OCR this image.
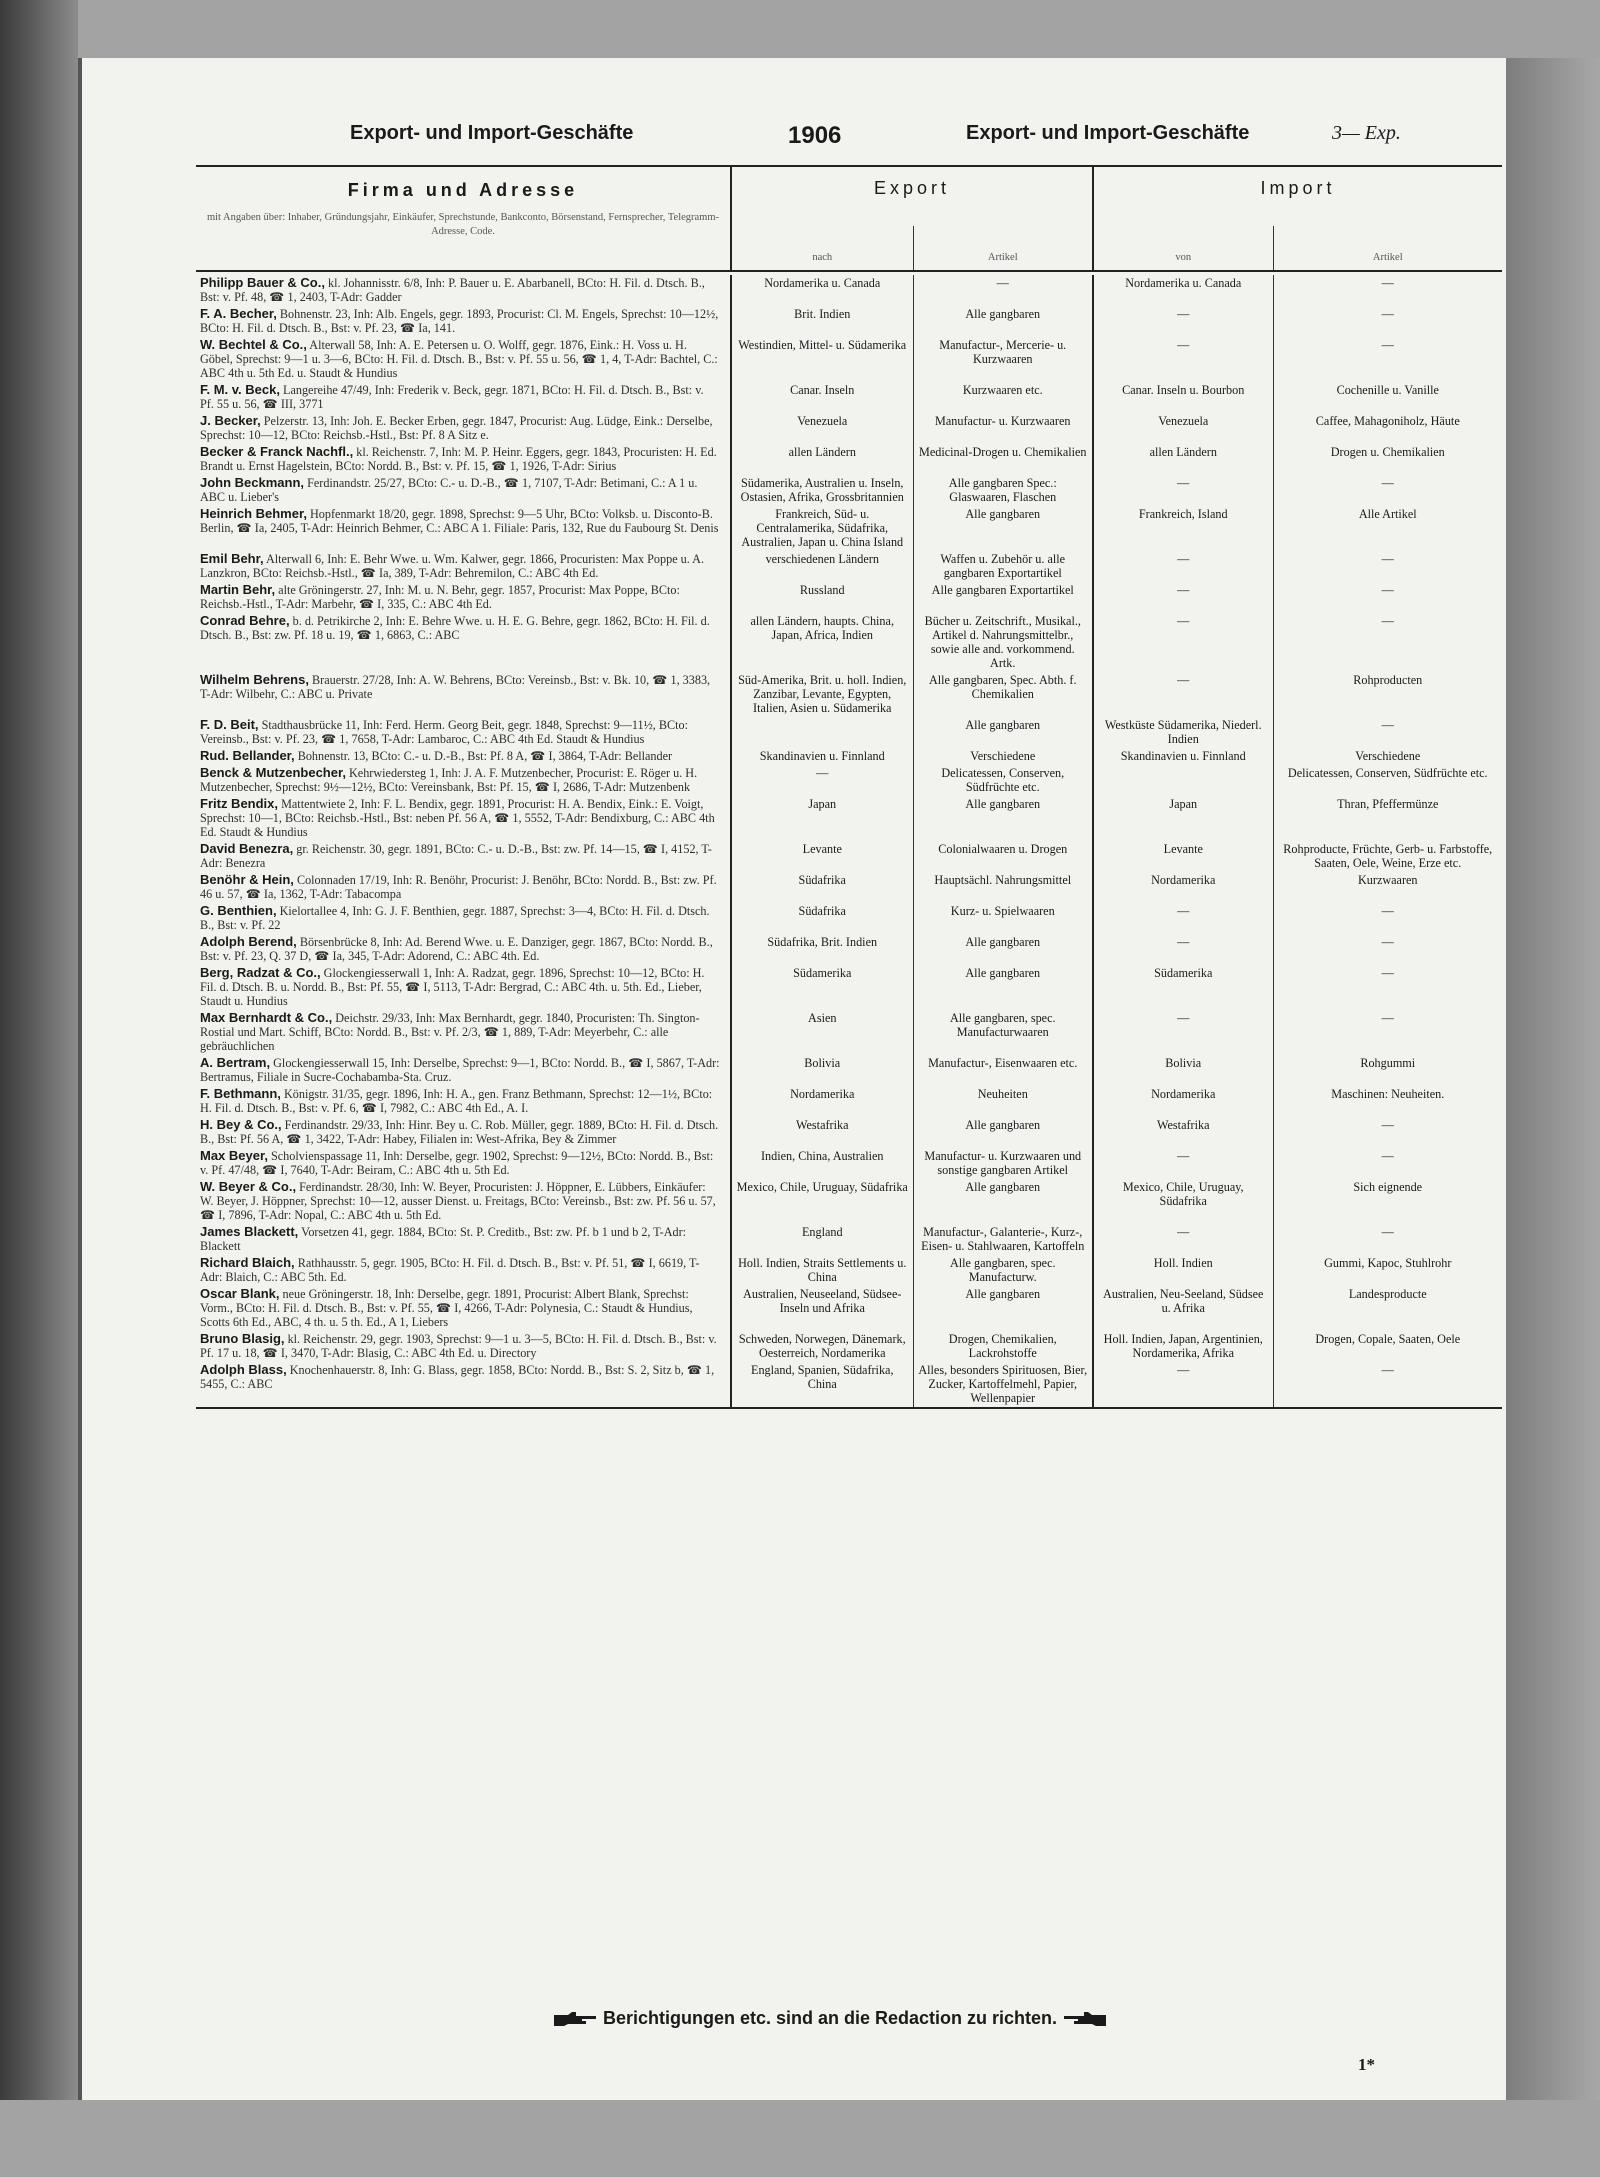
Export- und Import-Geschäfte	1906	Export- und Import-Geschäfte	3— Exp.
Firma und Adresse
mit Angaben über: Inhaber, Gründungsjahr, Einkäufer, Sprechstunde, Bankconto, Börsenstand, Fernsprecher, Telegramm-Adresse, Code.	Export		Import	
	nach	Artikel	von	Artikel

Philipp Bauer & Co., kl. Johannisstr. 6/8, Inh: P. Bauer u. E. Abarbanell, BCto: H. Fil. d. Dtsch. B., Bst: v. Pf. 48, ☎ 1, 2403, T-Adr: Gadder	Nordamerika u. Canada	—	Nordamerika u. Canada	—
F. A. Becher, Bohnenstr. 23, Inh: Alb. Engels, gegr. 1893, Procurist: Cl. M. Engels, Sprechst: 10—12½, BCto: H. Fil. d. Dtsch. B., Bst: v. Pf. 23, ☎ Ia, 141.	Brit. Indien	Alle gangbaren	—	—
W. Bechtel & Co., Alterwall 58, Inh: A. E. Petersen u. O. Wolff, gegr. 1876, Eink.: H. Voss u. H. Göbel, Sprechst: 9—1 u. 3—6, BCto: H. Fil. d. Dtsch. B., Bst: v. Pf. 55 u. 56, ☎ 1, 4, T-Adr: Bachtel, C.: ABC 4th u. 5th Ed. u. Staudt & Hundius	Westindien, Mittel- u. Südamerika	Manufactur-, Mercerie- u. Kurzwaaren	—	—
F. M. v. Beck, Langereihe 47/49, Inh: Frederik v. Beck, gegr. 1871, BCto: H. Fil. d. Dtsch. B., Bst: v. Pf. 55 u. 56, ☎ III, 3771	Canar. Inseln	Kurzwaaren etc.	Canar. Inseln u. Bourbon	Cochenille u. Vanille
J. Becker, Pelzerstr. 13, Inh: Joh. E. Becker Erben, gegr. 1847, Procurist: Aug. Lüdge, Eink.: Derselbe, Sprechst: 10—12, BCto: Reichsb.-Hstl., Bst: Pf. 8 A Sitz e.	Venezuela	Manufactur- u. Kurzwaaren	Venezuela	Caffee, Mahagoniholz, Häute
Becker & Franck Nachfl., kl. Reichenstr. 7, Inh: M. P. Heinr. Eggers, gegr. 1843, Procuristen: H. Ed. Brandt u. Ernst Hagelstein, BCto: Nordd. B., Bst: v. Pf. 15, ☎ 1, 1926, T-Adr: Sirius	allen Ländern	Medicinal-Drogen u. Chemikalien	allen Ländern	Drogen u. Chemikalien
John Beckmann, Ferdinandstr. 25/27, BCto: C.- u. D.-B., ☎ 1, 7107, T-Adr: Betimani, C.: A 1 u. ABC u. Lieber's	Südamerika, Australien u. Inseln, Ostasien, Afrika, Grossbritannien	Alle gangbaren Spec.: Glaswaaren, Flaschen	—	—
Heinrich Behmer, Hopfenmarkt 18/20, gegr. 1898, Sprechst: 9—5 Uhr, BCto: Volksb. u. Disconto-B. Berlin, ☎ Ia, 2405, T-Adr: Heinrich Behmer, C.: ABC A 1. Filiale: Paris, 132, Rue du Faubourg St. Denis	Frankreich, Süd- u. Centralamerika, Südafrika, Australien, Japan u. China Island	Alle gangbaren	Frankreich, Island	Alle Artikel
Emil Behr, Alterwall 6, Inh: E. Behr Wwe. u. Wm. Kalwer, gegr. 1866, Procuristen: Max Poppe u. A. Lanzkron, BCto: Reichsb.-Hstl., ☎ Ia, 389, T-Adr: Behremilon, C.: ABC 4th Ed.	verschiedenen Ländern	Waffen u. Zubehör u. alle gangbaren Exportartikel	—	—
Martin Behr, alte Gröningerstr. 27, Inh: M. u. N. Behr, gegr. 1857, Procurist: Max Poppe, BCto: Reichsb.-Hstl., T-Adr: Marbehr, ☎ I, 335, C.: ABC 4th Ed.	Russland	Alle gangbaren Exportartikel	—	—
Conrad Behre, b. d. Petrikirche 2, Inh: E. Behre Wwe. u. H. E. G. Behre, gegr. 1862, BCto: H. Fil. d. Dtsch. B., Bst: zw. Pf. 18 u. 19, ☎ 1, 6863, C.: ABC	allen Ländern, haupts. China, Japan, Africa, Indien	Bücher u. Zeitschrift., Musikal., Artikel d. Nahrungsmittelbr., sowie alle and. vorkommend. Artk.	—	—
Wilhelm Behrens, Brauerstr. 27/28, Inh: A. W. Behrens, BCto: Vereinsb., Bst: v. Bk. 10, ☎ 1, 3383, T-Adr: Wilbehr, C.: ABC u. Private	Süd-Amerika, Brit. u. holl. Indien, Zanzibar, Levante, Egypten, Italien, Asien u. Südamerika	Alle gangbaren, Spec. Abth. f. Chemikalien	—	Rohproducten
F. D. Beit, Stadthausbrücke 11, Inh: Ferd. Herm. Georg Beit, gegr. 1848, Sprechst: 9—11½, BCto: Vereinsb., Bst: v. Pf. 23, ☎ 1, 7658, T-Adr: Lambaroc, C.: ABC 4th Ed. Staudt & Hundius		Alle gangbaren	Westküste Südamerika, Niederl. Indien	—
Rud. Bellander, Bohnenstr. 13, BCto: C.- u. D.-B., Bst: Pf. 8 A, ☎ I, 3864, T-Adr: Bellander	Skandinavien u. Finnland	Verschiedene	Skandinavien u. Finnland	Verschiedene
Benck & Mutzenbecher, Kehrwiedersteg 1, Inh: J. A. F. Mutzenbecher, Procurist: E. Röger u. H. Mutzenbecher, Sprechst: 9½—12½, BCto: Vereinsbank, Bst: Pf. 15, ☎ I, 2686, T-Adr: Mutzenbenk	—	Delicatessen, Conserven, Südfrüchte etc.		Delicatessen, Conserven, Südfrüchte etc.
Fritz Bendix, Mattentwiete 2, Inh: F. L. Bendix, gegr. 1891, Procurist: H. A. Bendix, Eink.: E. Voigt, Sprechst: 10—1, BCto: Reichsb.-Hstl., Bst: neben Pf. 56 A, ☎ 1, 5552, T-Adr: Bendixburg, C.: ABC 4th Ed. Staudt & Hundius	Japan	Alle gangbaren	Japan	Thran, Pfeffermünze
David Benezra, gr. Reichenstr. 30, gegr. 1891, BCto: C.- u. D.-B., Bst: zw. Pf. 14—15, ☎ I, 4152, T-Adr: Benezra	Levante	Colonialwaaren u. Drogen	Levante	Rohproducte, Früchte, Gerb- u. Farbstoffe, Saaten, Oele, Weine, Erze etc.
Benöhr & Hein, Colonnaden 17/19, Inh: R. Benöhr, Procurist: J. Benöhr, BCto: Nordd. B., Bst: zw. Pf. 46 u. 57, ☎ Ia, 1362, T-Adr: Tabacompa	Südafrika	Hauptsächl. Nahrungsmittel	Nordamerika	Kurzwaaren
G. Benthien, Kielortallee 4, Inh: G. J. F. Benthien, gegr. 1887, Sprechst: 3—4, BCto: H. Fil. d. Dtsch. B., Bst: v. Pf. 22	Südafrika	Kurz- u. Spielwaaren	—	—
Adolph Berend, Börsenbrücke 8, Inh: Ad. Berend Wwe. u. E. Danziger, gegr. 1867, BCto: Nordd. B., Bst: v. Pf. 23, Q. 37 D, ☎ Ia, 345, T-Adr: Adorend, C.: ABC 4th. Ed.	Südafrika, Brit. Indien	Alle gangbaren	—	—
Berg, Radzat & Co., Glockengiesserwall 1, Inh: A. Radzat, gegr. 1896, Sprechst: 10—12, BCto: H. Fil. d. Dtsch. B. u. Nordd. B., Bst: Pf. 55, ☎ I, 5113, T-Adr: Bergrad, C.: ABC 4th. u. 5th. Ed., Lieber, Staudt u. Hundius	Südamerika	Alle gangbaren	Südamerika	—
Max Bernhardt & Co., Deichstr. 29/33, Inh: Max Bernhardt, gegr. 1840, Procuristen: Th. Sington-Rostial und Mart. Schiff, BCto: Nordd. B., Bst: v. Pf. 2/3, ☎ 1, 889, T-Adr: Meyerbehr, C.: alle gebräuchlichen	Asien	Alle gangbaren, spec. Manufacturwaaren	—	—
A. Bertram, Glockengiesserwall 15, Inh: Derselbe, Sprechst: 9—1, BCto: Nordd. B., ☎ I, 5867, T-Adr: Bertramus, Filiale in Sucre-Cochabamba-Sta. Cruz.	Bolivia	Manufactur-, Eisenwaaren etc.	Bolivia	Rohgummi
F. Bethmann, Königstr. 31/35, gegr. 1896, Inh: H. A., gen. Franz Bethmann, Sprechst: 12—1½, BCto: H. Fil. d. Dtsch. B., Bst: v. Pf. 6, ☎ I, 7982, C.: ABC 4th Ed., A. I.	Nordamerika	Neuheiten	Nordamerika	Maschinen: Neuheiten.
H. Bey & Co., Ferdinandstr. 29/33, Inh: Hinr. Bey u. C. Rob. Müller, gegr. 1889, BCto: H. Fil. d. Dtsch. B., Bst: Pf. 56 A, ☎ 1, 3422, T-Adr: Habey, Filialen in: West-Afrika, Bey & Zimmer	Westafrika	Alle gangbaren	Westafrika	—
Max Beyer, Scholvienspassage 11, Inh: Derselbe, gegr. 1902, Sprechst: 9—12½, BCto: Nordd. B., Bst: v. Pf. 47/48, ☎ I, 7640, T-Adr: Beiram, C.: ABC 4th u. 5th Ed.	Indien, China, Australien	Manufactur- u. Kurzwaaren und sonstige gangbaren Artikel	—	—
W. Beyer & Co., Ferdinandstr. 28/30, Inh: W. Beyer, Procuristen: J. Höppner, E. Lübbers, Einkäufer: W. Beyer, J. Höppner, Sprechst: 10—12, ausser Dienst. u. Freitags, BCto: Vereinsb., Bst: zw. Pf. 56 u. 57, ☎ I, 7896, T-Adr: Nopal, C.: ABC 4th u. 5th Ed.	Mexico, Chile, Uruguay, Südafrika	Alle gangbaren	Mexico, Chile, Uruguay, Südafrika	Sich eignende
James Blackett, Vorsetzen 41, gegr. 1884, BCto: St. P. Creditb., Bst: zw. Pf. b 1 und b 2, T-Adr: Blackett	England	Manufactur-, Galanterie-, Kurz-, Eisen- u. Stahlwaaren, Kartoffeln	—	—
Richard Blaich, Rathhausstr. 5, gegr. 1905, BCto: H. Fil. d. Dtsch. B., Bst: v. Pf. 51, ☎ I, 6619, T-Adr: Blaich, C.: ABC 5th. Ed.	Holl. Indien, Straits Settlements u. China	Alle gangbaren, spec. Manufacturw.	Holl. Indien	Gummi, Kapoc, Stuhlrohr
Oscar Blank, neue Gröningerstr. 18, Inh: Derselbe, gegr. 1891, Procurist: Albert Blank, Sprechst: Vorm., BCto: H. Fil. d. Dtsch. B., Bst: v. Pf. 55, ☎ I, 4266, T-Adr: Polynesia, C.: Staudt & Hundius, Scotts 6th Ed., ABC, 4 th. u. 5 th. Ed., A 1, Liebers	Australien, Neuseeland, Südsee-Inseln und Afrika	Alle gangbaren	Australien, Neu-Seeland, Südsee u. Afrika	Landesproducte
Bruno Blasig, kl. Reichenstr. 29, gegr. 1903, Sprechst: 9—1 u. 3—5, BCto: H. Fil. d. Dtsch. B., Bst: v. Pf. 17 u. 18, ☎ I, 3470, T-Adr: Blasig, C.: ABC 4th Ed. u. Directory	Schweden, Norwegen, Dänemark, Oesterreich, Nordamerika	Drogen, Chemikalien, Lackrohstoffe	Holl. Indien, Japan, Argentinien, Nordamerika, Afrika	Drogen, Copale, Saaten, Oele
Adolph Blass, Knochenhauerstr. 8, Inh: G. Blass, gegr. 1858, BCto: Nordd. B., Bst: S. 2, Sitz b, ☎ 1, 5455, C.: ABC	England, Spanien, Südafrika, China	Alles, besonders Spirituosen, Bier, Zucker, Kartoffelmehl, Papier, Wellenpapier	—	—

Berichtigungen etc. sind an die Redaction zu richten.
1*
